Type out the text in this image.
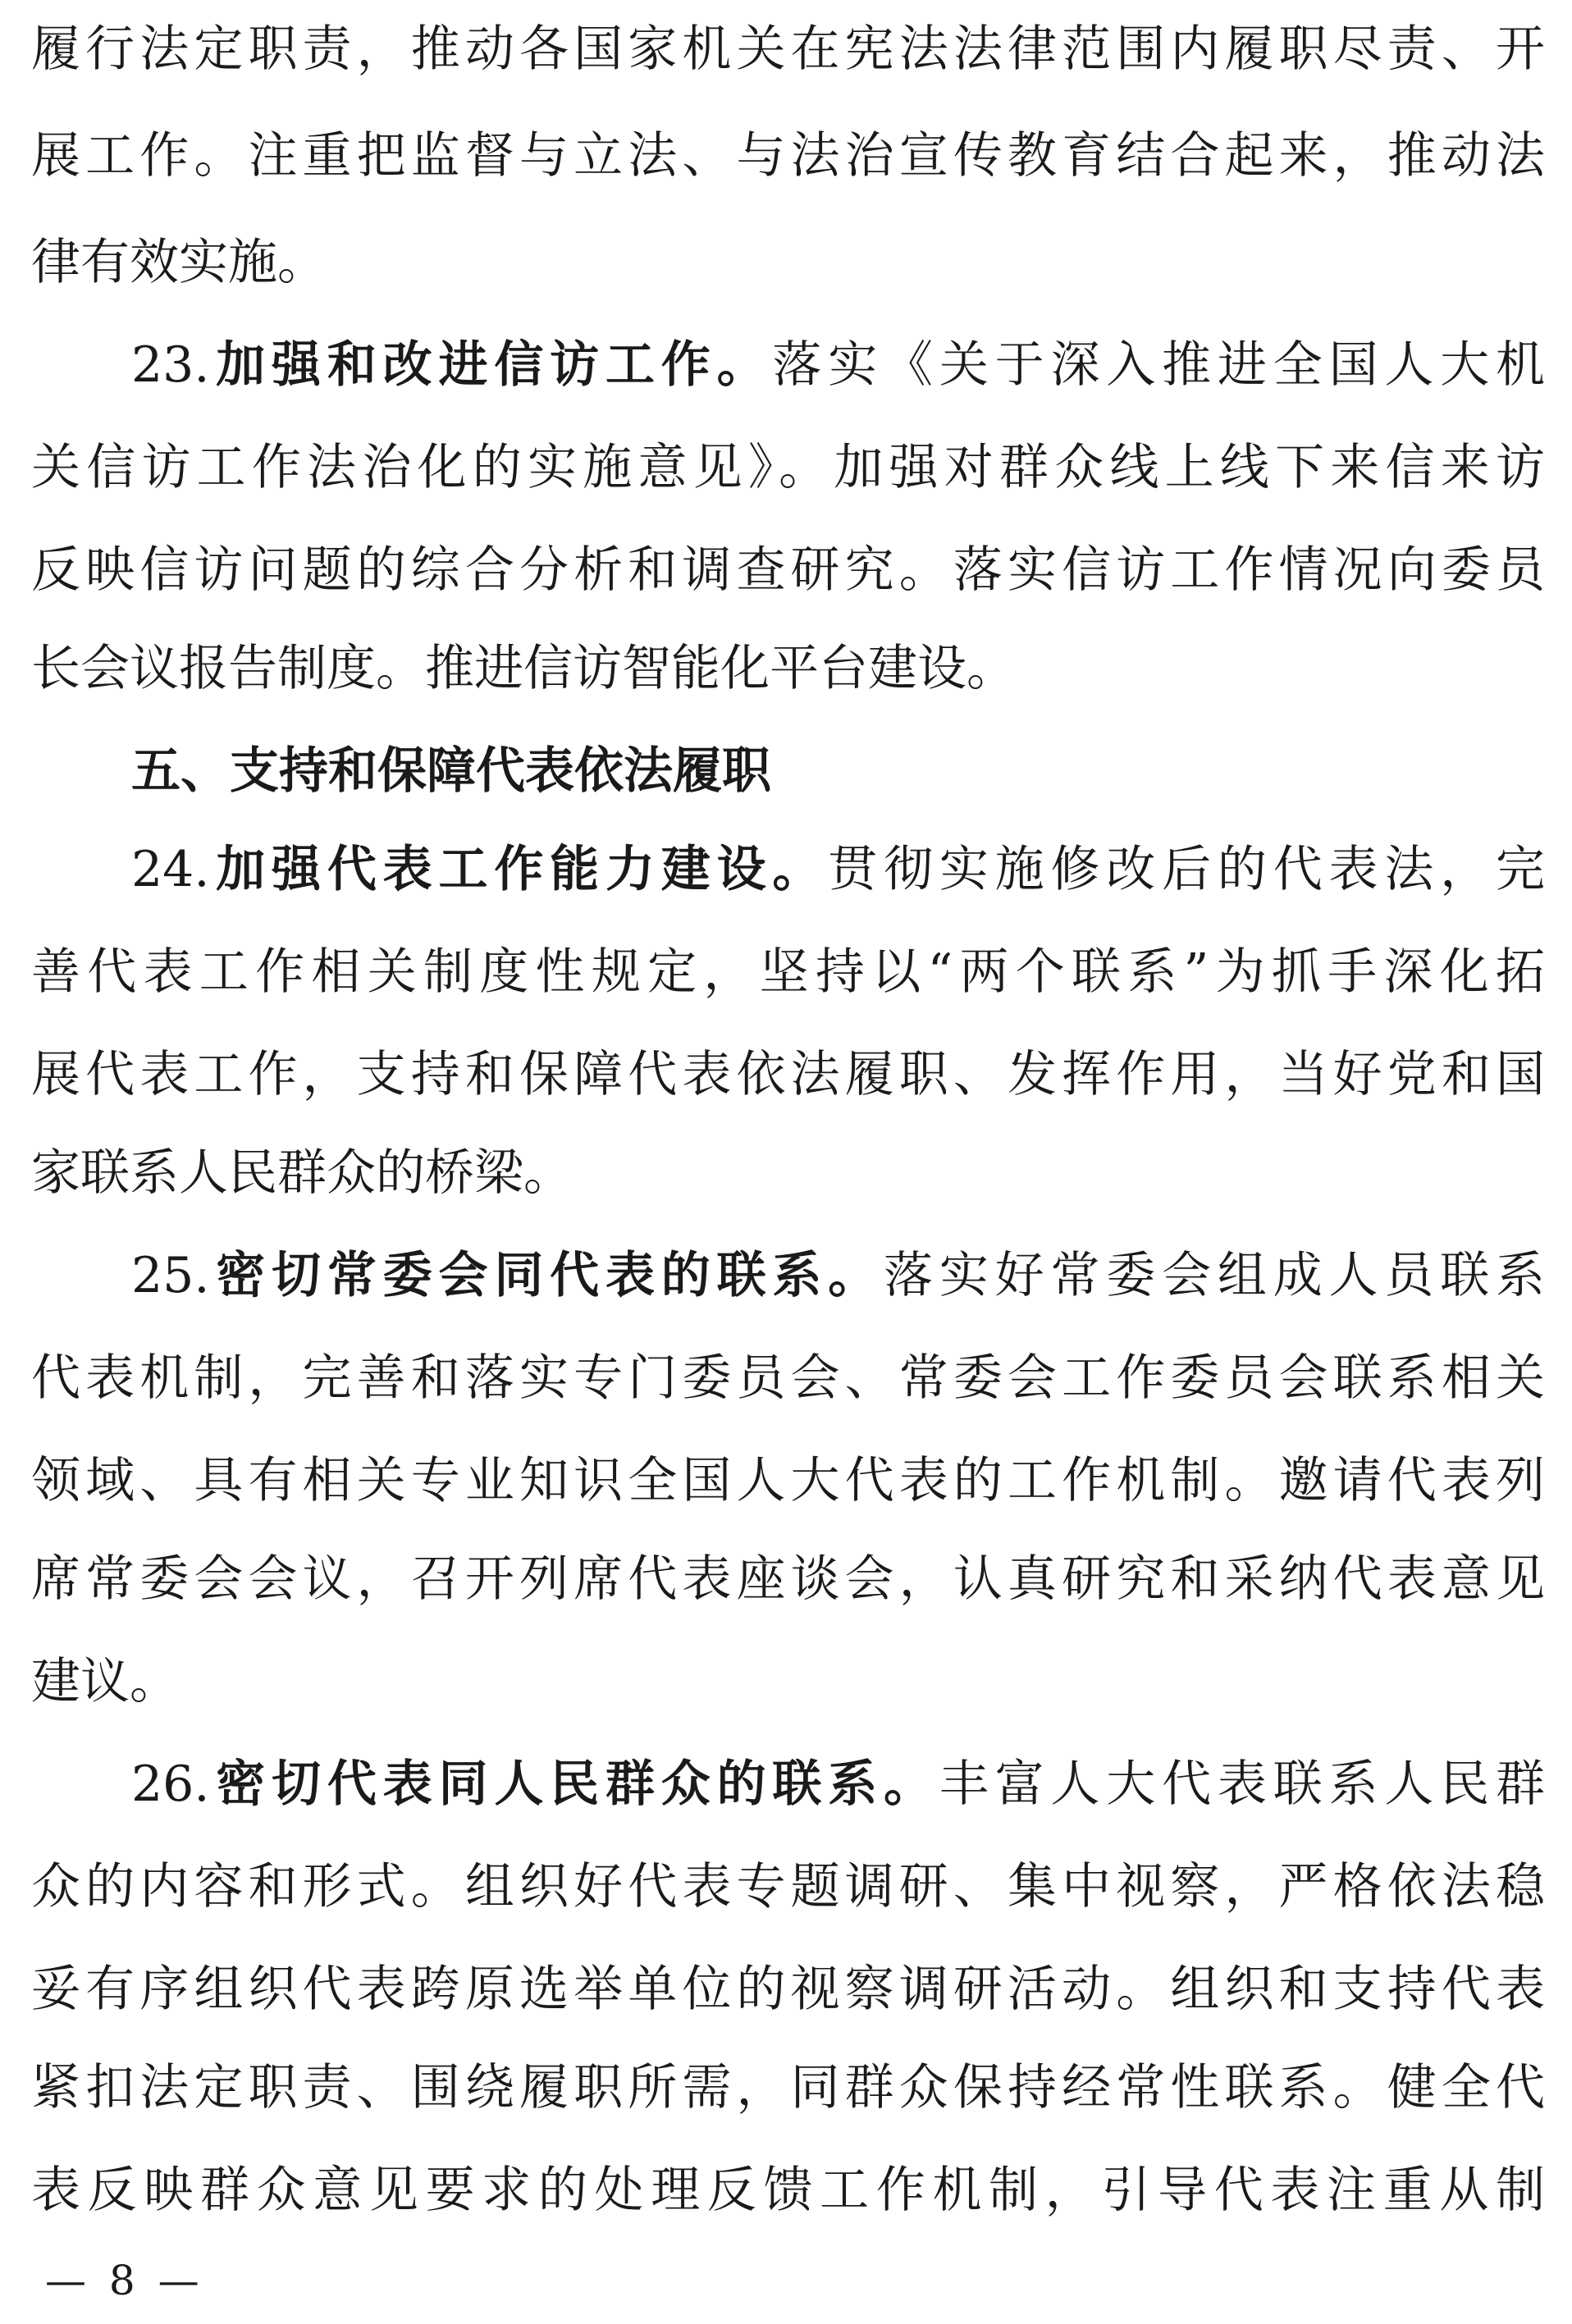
履行法定职责，推动各国家机关在宪法法律范围内履职尽责、开
展工作。注重把监督与立法、与法治宣传教育结合起来，推动法
律有效实施。
23.加强和改进信访工作。落实《关于深入推进全国人大机
关信访工作法治化的实施意见》。加强对群众线上线下来信来访
反映信访问题的综合分析和调查研究。落实信访工作情况向委员
长会议报告制度。推进信访智能化平台建设。
五、支持和保障代表依法履职
24.加强代表工作能力建设。贯彻实施修改后的代表法，完
善代表工作相关制度性规定，坚持以“两个联系”为抓手深化拓
展代表工作，支持和保障代表依法履职、发挥作用，当好党和国
家联系人民群众的桥梁。
25.密切常委会同代表的联系。落实好常委会组成人员联系
代表机制，完善和落实专门委员会、常委会工作委员会联系相关
领域、具有相关专业知识全国人大代表的工作机制。邀请代表列
席常委会会议，召开列席代表座谈会，认真研究和采纳代表意见
建议。
26.密切代表同人民群众的联系。丰富人大代表联系人民群
众的内容和形式。组织好代表专题调研、集中视察，严格依法稳
妥有序组织代表跨原选举单位的视察调研活动。组织和支持代表
紧扣法定职责、围绕履职所需，同群众保持经常性联系。健全代
表反映群众意见要求的处理反馈工作机制，引导代表注重从制
— 8 —
